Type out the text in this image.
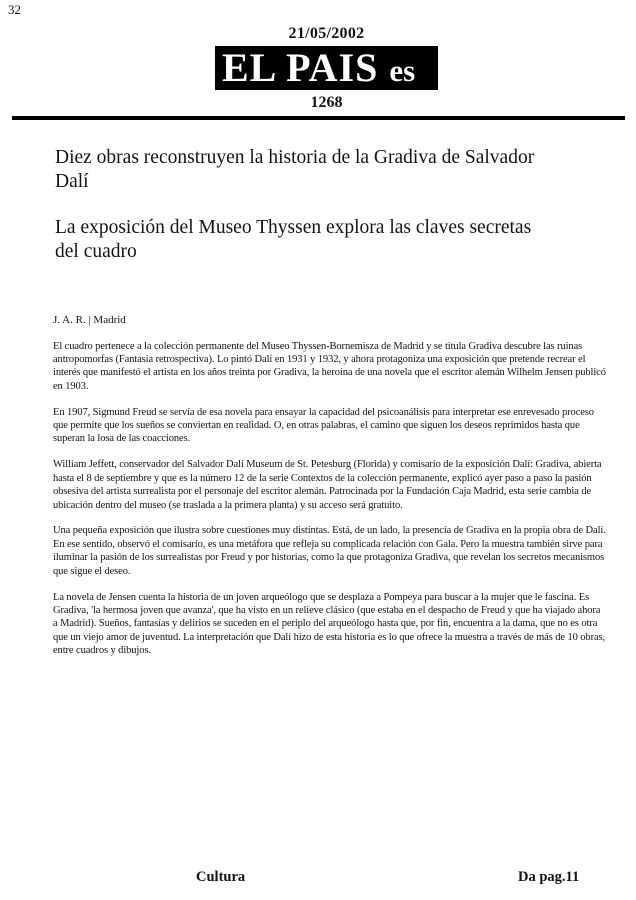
32
21/05/2002
EL PAIS es
1268
Diez obras reconstruyen la historia de la Gradiva de Salvador Dalí
La exposición del Museo Thyssen explora las claves secretas del cuadro
J. A. R. | Madrid

El cuadro pertenece a la colección permanente del Museo Thyssen-Bornemisza de Madrid y se titula Gradiva descubre las ruinas antropomorfas (Fantasía retrospectiva). Lo pintó Dalí en 1931 y 1932, y ahora protagoniza una exposición que pretende recrear el interés que manifestó el artista en los años treinta por Gradiva, la heroína de una novela que el escritor alemán Wilhelm Jensen publicó en 1903.

En 1907, Sigmund Freud se servía de esa novela para ensayar la capacidad del psicoanálisis para interpretar ese enrevesado proceso que permite que los sueños se conviertan en realidad. O, en otras palabras, el camino que siguen los deseos reprimidos hasta que superan la losa de las coacciones.

William Jeffett, conservador del Salvador Dalí Museum de St. Petesburg (Florida) y comisario de la exposición Dalí: Gradiva, abierta hasta el 8 de septiembre y que es la número 12 de la serie Contextos de la colección permanente, explicó ayer paso a paso la pasión obsesiva del artista surrealista por el personaje del escritor alemán. Patrocinada por la Fundación Caja Madrid, esta serie cambia de ubicación dentro del museo (se traslada a la primera planta) y su acceso será gratuito.

Una pequeña exposición que ilustra sobre cuestiones muy distintas. Está, de un lado, la presencia de Gradiva en la propia obra de Dalí. En ese sentido, observó el comisario, es una metáfora que refleja su complicada relación con Gala. Pero la muestra también sirve para iluminar la pasión de los surrealistas por Freud y por historias, como la que protagoniza Gradiva, que revelan los secretos mecanismos que sigue el deseo.

La novela de Jensen cuenta la historia de un joven arqueólogo que se desplaza a Pompeya para buscar a la mujer que le fascina. Es Gradiva, 'la hermosa joven que avanza', que ha visto en un relieve clásico (que estaba en el despacho de Freud y que ha viajado ahora a Madrid). Sueños, fantasías y delirios se suceden en el periplo del arqueólogo hasta que, por fin, encuentra a la dama, que no es otra que un viejo amor de juventud. La interpretación que Dalí hizo de esta historia es lo que ofrece la muestra a través de más de 10 obras, entre cuadros y dibujos.

Cultura	Da pag.11
